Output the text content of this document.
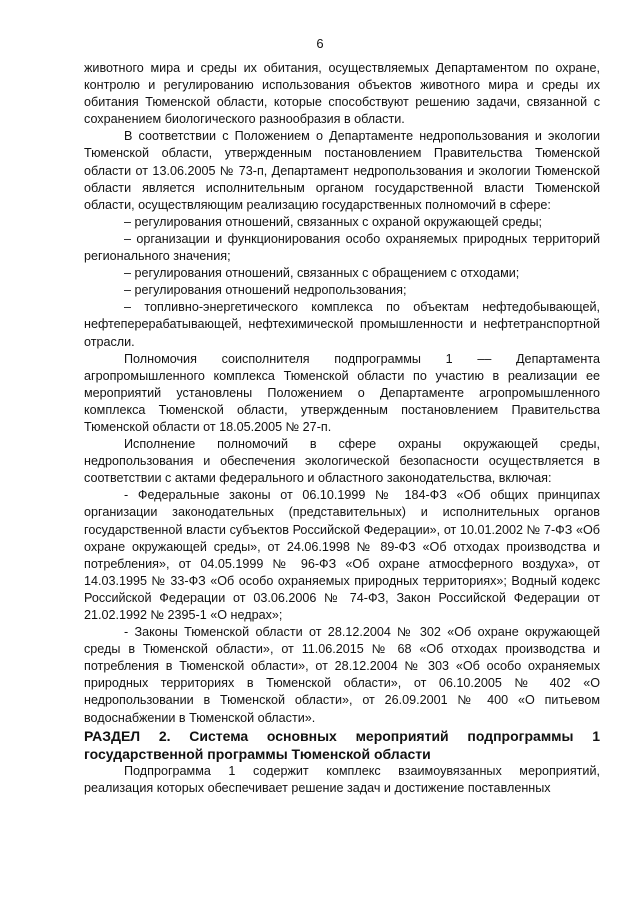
6

животного мира и среды их обитания, осуществляемых Департаментом по охране, контролю и регулированию использования объектов животного мира и среды их обитания Тюменской области, которые способствуют решению задачи, связанной с сохранением биологического разнообразия в области.

В соответствии с Положением о Департаменте недропользования и экологии Тюменской области, утвержденным постановлением Правительства Тюменской области от 13.06.2005 № 73-п, Департамент недропользования и экологии Тюменской области является исполнительным органом государственной власти Тюменской области, осуществляющим реализацию государственных полномочий в сфере:

– регулирования отношений, связанных с охраной окружающей среды;

– организации и функционирования особо охраняемых природных территорий регионального значения;

– регулирования отношений, связанных с обращением с отходами;

– регулирования отношений недропользования;

– топливно-энергетического комплекса по объектам нефтедобывающей, нефтеперерабатывающей, нефтехимической промышленности и нефтетранспортной отрасли.

Полномочия соисполнителя подпрограммы 1 –– Департамента агропромышленного комплекса Тюменской области по участию в реализации ее мероприятий установлены Положением о Департаменте агропромышленного комплекса Тюменской области, утвержденным постановлением Правительства Тюменской области от 18.05.2005 № 27-п.

Исполнение полномочий в сфере охраны окружающей среды, недропользования и обеспечения экологической безопасности осуществляется в соответствии с актами федерального и областного законодательства, включая:

- Федеральные законы от 06.10.1999 № 184-ФЗ «Об общих принципах организации законодательных (представительных) и исполнительных органов государственной власти субъектов Российской Федерации», от 10.01.2002 № 7-ФЗ «Об охране окружающей среды», от 24.06.1998 № 89-ФЗ «Об отходах производства и потребления», от 04.05.1999 № 96-ФЗ «Об охране атмосферного воздуха», от 14.03.1995 № 33-ФЗ «Об особо охраняемых природных территориях»; Водный кодекс Российской Федерации от 03.06.2006 № 74-ФЗ, Закон Российской Федерации от 21.02.1992 № 2395-1 «О недрах»;

- Законы Тюменской области от 28.12.2004 № 302 «Об охране окружающей среды в Тюменской области», от 11.06.2015 № 68 «Об отходах производства и потребления в Тюменской области», от 28.12.2004 № 303 «Об особо охраняемых природных территориях в Тюменской области», от 06.10.2005 № 402 «О недропользовании в Тюменской области», от 26.09.2001 № 400 «О питьевом водоснабжении в Тюменской области».

РАЗДЕЛ 2. Система основных мероприятий подпрограммы 1 государственной программы Тюменской области

Подпрограмма 1 содержит комплекс взаимоувязанных мероприятий, реализация которых обеспечивает решение задач и достижение поставленных
